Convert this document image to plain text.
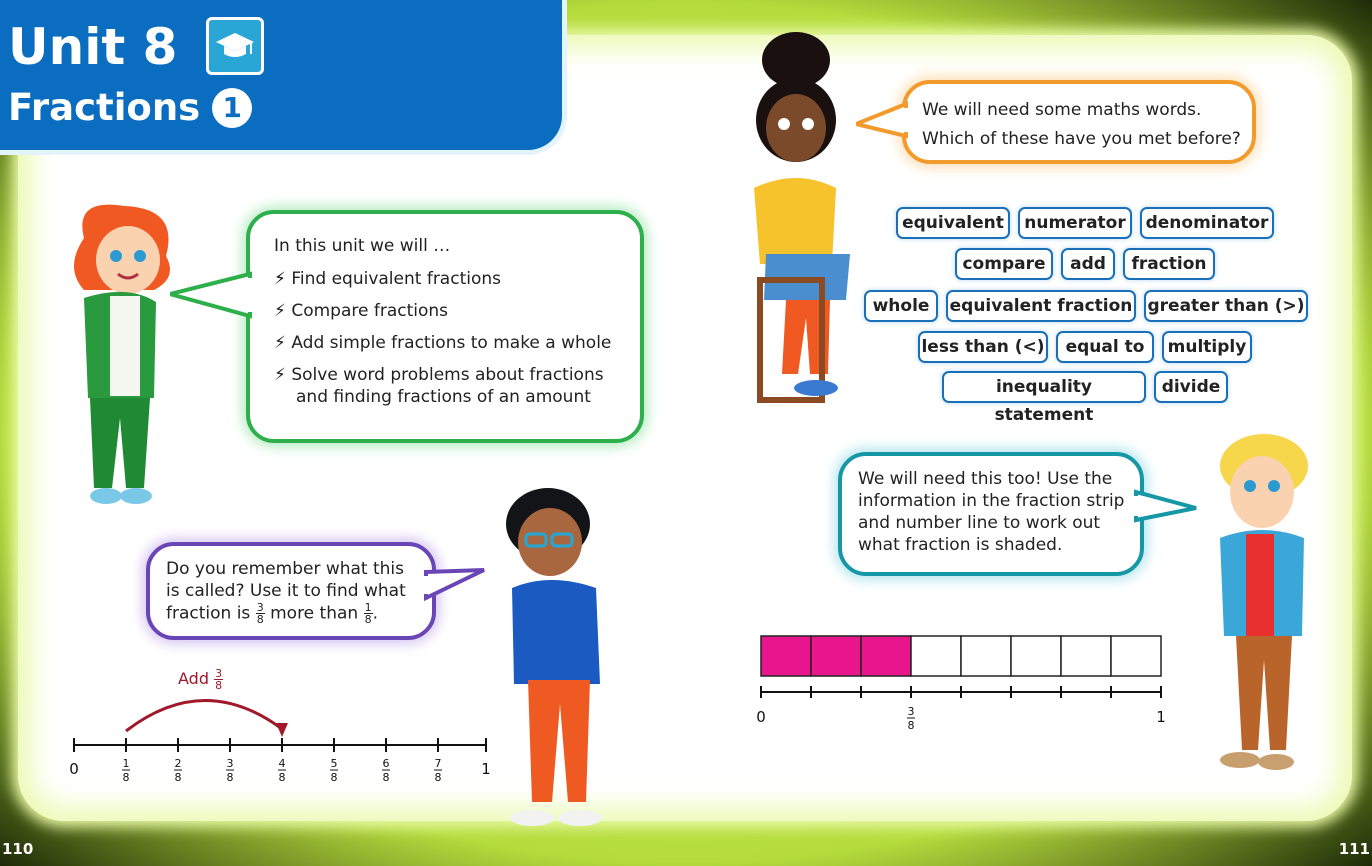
Unit 8
Fractions 1
In this unit we will …
⚡ Find equivalent fractions
⚡ Compare fractions
⚡ Add simple fractions to make a whole
⚡ Solve word problems about fractions
and finding fractions of an amount
We will need some maths words.
Which of these have you met before?
equivalent	numerator	denominator
compare	add	fraction
whole	equivalent fraction greater than (>)
less than (<)	equal to	multiply
inequality statement
divide
Do you remember what this
is called? Use it to find what
fraction is $\frac{3}{8}$ more than $\frac{1}{8}$ .
We will need this too! Use the
information in the fraction strip
and number line to work out
what fraction is shaded.
Add $\frac{3}{8}$
0	1
8
2
8
3
8
4
8
5
8
6
8
7
8	1
0	1
3
8
110	111
